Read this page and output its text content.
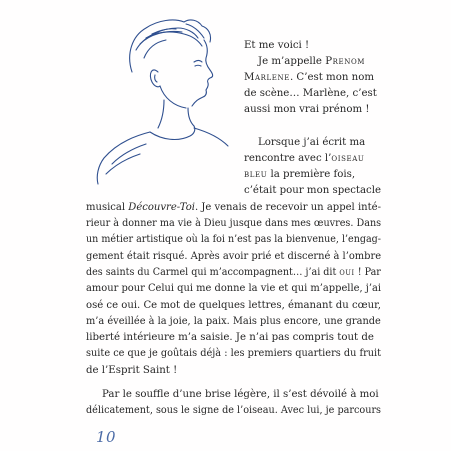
Et me voici !
Je m’appelle Prenom
Marlene. C’est mon nom
de scène… Marlène, c’est
aussi mon vrai prénom !
Lorsque j’ai écrit ma
rencontre avec l’oiseau
bleu la première fois,
c’était pour mon spectacle
musical Découvre-Toi. Je venais de recevoir un appel inté-
rieur à donner ma vie à Dieu jusque dans mes œuvres. Dans
un métier artistique où la foi n’est pas la bienvenue, l’engag-
gement était risqué. Après avoir prié et discerné à l’ombre
des saints du Carmel qui m’accompagnent… j’ai dit oui ! Par
amour pour Celui qui me donne la vie et qui m’appelle, j’ai
osé ce oui. Ce mot de quelques lettres, émanant du cœur,
m’a éveillée à la joie, la paix. Mais plus encore, une grande
liberté intérieure m’a saisie. Je n’ai pas compris tout de
suite ce que je goûtais déjà : les premiers quartiers du fruit
de l’Esprit Saint !
Par le souffle d’une brise légère, il s’est dévoilé à moi
délicatement, sous le signe de l’oiseau. Avec lui, je parcours
10
